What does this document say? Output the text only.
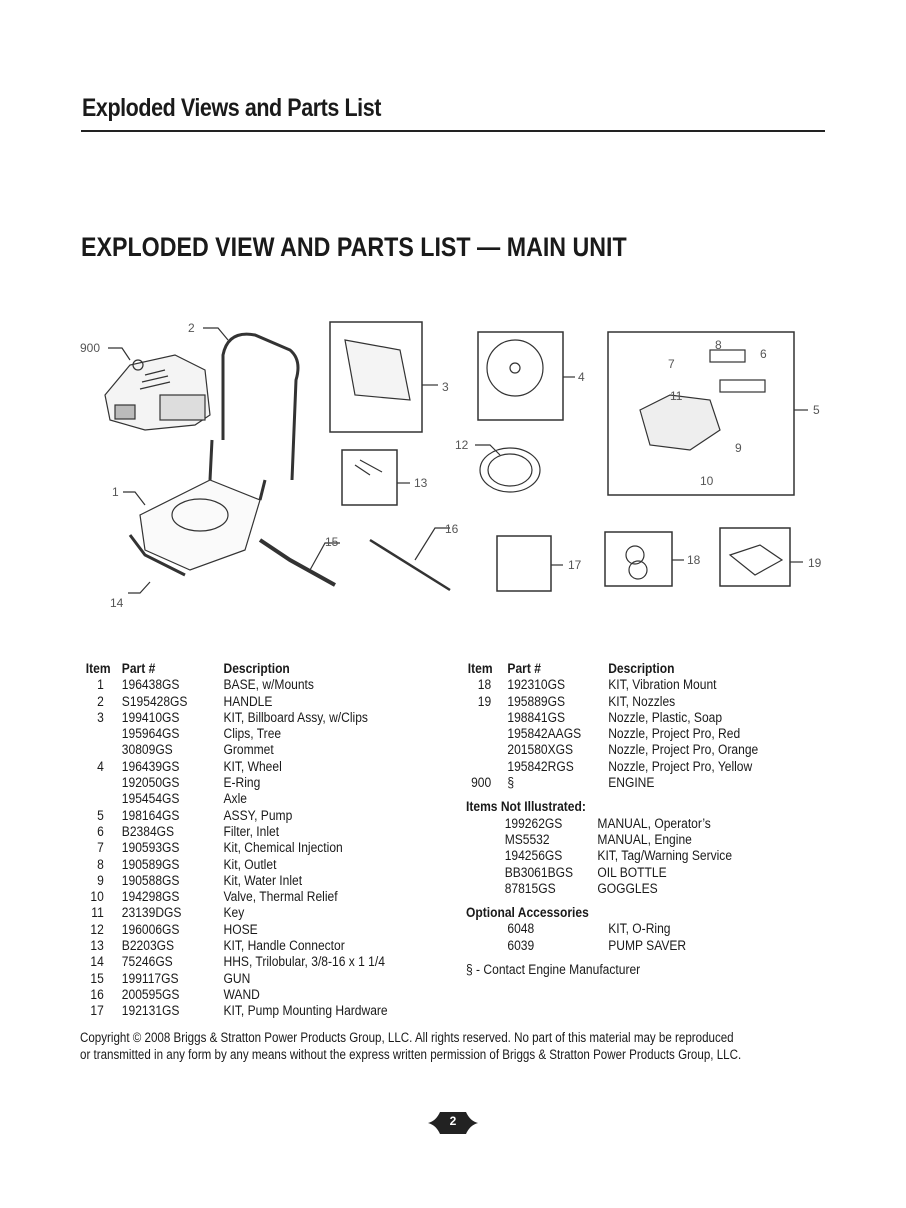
Exploded Views and Parts List
EXPLODED VIEW AND PARTS LIST — MAIN UNIT
900
2
3
4
5
6
7
8
9
10
11
12
13
14
15
16
17	18	19
1
Item Part #	Description
1 196438GS	BASE, w/Mounts
2 S195428GS	HANDLE
3 199410GS	KIT, Billboard Assy, w/Clips
195964GS	Clips, Tree
30809GS	Grommet
4 196439GS	KIT, Wheel
192050GS	E-Ring
195454GS	Axle
5 198164GS	ASSY, Pump
6 B2384GS	Filter, Inlet
7 190593GS	Kit, Chemical Injection
8 190589GS	Kit, Outlet
9 190588GS	Kit, Water Inlet
10 194298GS	Valve, Thermal Relief
11 23139DGS	Key
12 196006GS	HOSE
13 B2203GS	KIT, Handle Connector
14 75246GS	HHS, Trilobular, 3/8-16 x 1 1/4
15 199117GS	GUN
16 200595GS	WAND
17 192131GS	KIT, Pump Mounting Hardware
Item Part #	Description
18 192310GS	KIT, Vibration Mount
19 195889GS	KIT, Nozzles
198841GS	Nozzle, Plastic, Soap
195842AAGS Nozzle, Project Pro, Red
201580XGS	Nozzle, Project Pro, Orange
195842RGS	Nozzle, Project Pro, Yellow
900 §	ENGINE
Items Not Illustrated:
199262GS	MANUAL, Operator’s
MS5532	MANUAL, Engine
194256GS	KIT, Tag/Warning Service
BB3061BGS OIL BOTTLE
87815GS	GOGGLES
Optional Accessories
6048	KIT, O-Ring
6039	PUMP SAVER
§ - Contact Engine Manufacturer
Copyright © 2008 Briggs & Stratton Power Products Group, LLC. All rights reserved. No part of this material may be reproduced
or transmitted in any form by any means without the express written permission of Briggs & Stratton Power Products Group, LLC.
2
